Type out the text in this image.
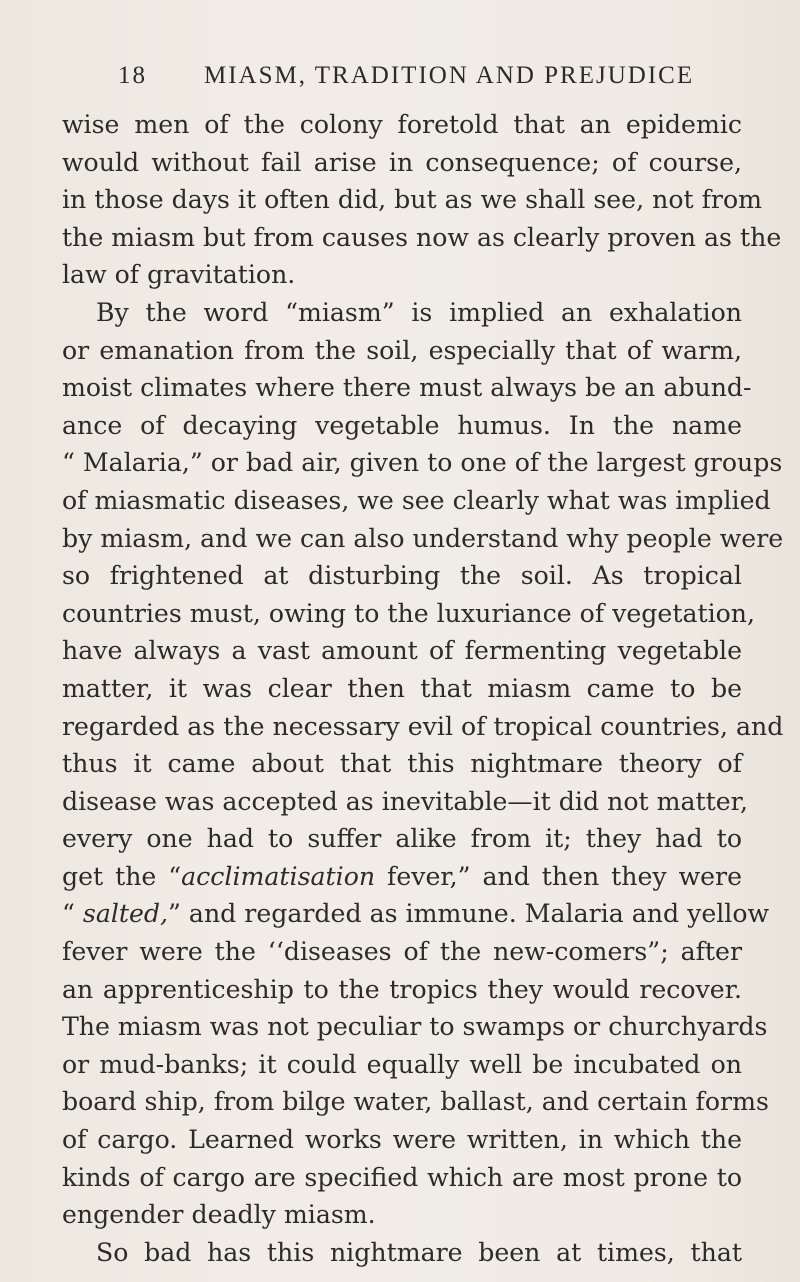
18 MIASM, TRADITION AND PREJUDICE
wise men of the colony foretold that an epidemic
would without fail arise in consequence; of course,
in those days it often did, but as we shall see, not from
the miasm but from causes now as clearly proven as the
law of gravitation.
By the word “miasm” is implied an exhalation
or emanation from the soil, especially that of warm,
moist climates where there must always be an abund-
ance of decaying vegetable humus. In the name
“ Malaria,” or bad air, given to one of the largest groups
of miasmatic diseases, we see clearly what was implied
by miasm, and we can also understand why people were
so frightened at disturbing the soil. As tropical
countries must, owing to the luxuriance of vegetation,
have always a vast amount of fermenting vegetable
matter, it was clear then that miasm came to be
regarded as the necessary evil of tropical countries, and
thus it came about that this nightmare theory of
disease was accepted as inevitable—it did not matter,
every one had to suffer alike from it; they had to
get the “acclimatisation fever,” and then they were
“ salted,” and regarded as immune. Malaria and yellow
fever were the ‘‘diseases of the new-comers”; after
an apprenticeship to the tropics they would recover.
The miasm was not peculiar to swamps or churchyards
or mud-banks; it could equally well be incubated on
board ship, from bilge water, ballast, and certain forms
of cargo. Learned works were written, in which the
kinds of cargo are specified which are most prone to
engender deadly miasm.
So bad has this nightmare been at times, that
